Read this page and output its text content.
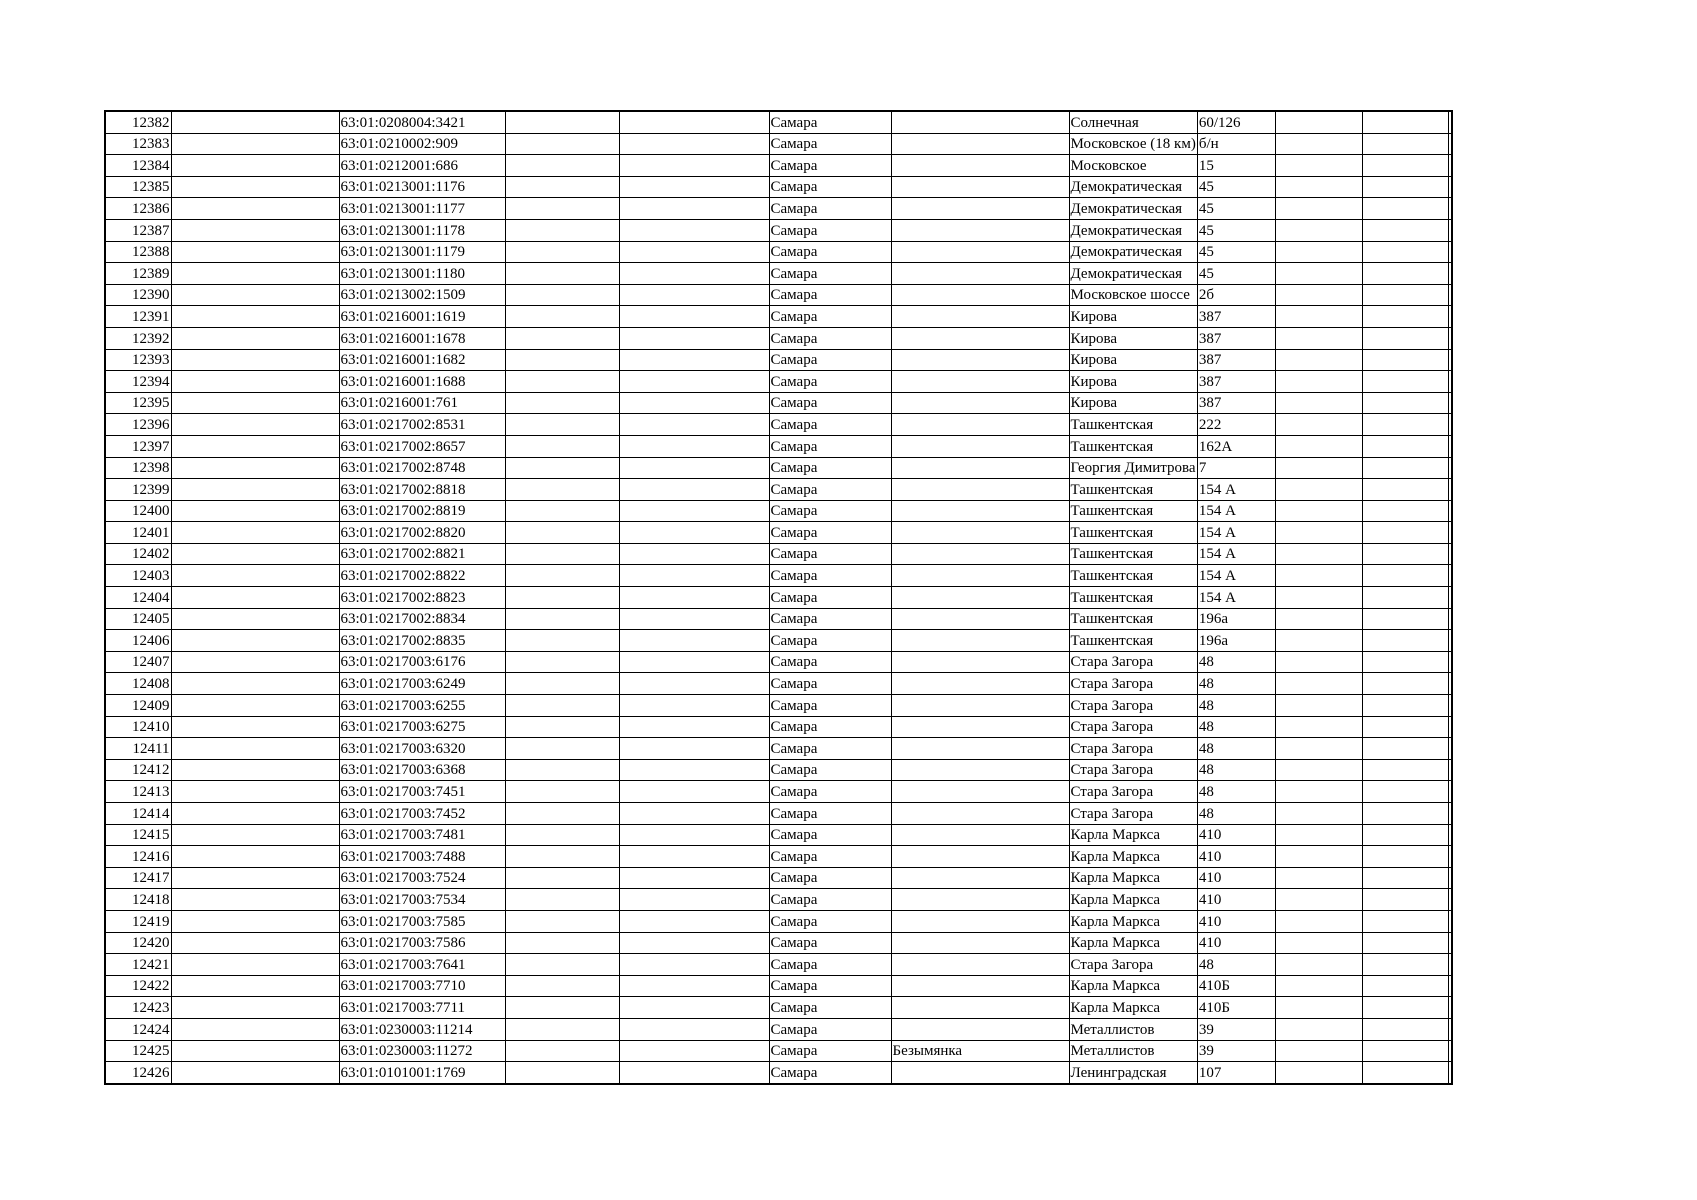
12382		63:01:0208004:3421			Самара		Солнечная	60/126			
12383		63:01:0210002:909			Самара		Московское (18 км)	б/н			
12384		63:01:0212001:686			Самара		Московское	15			
12385		63:01:0213001:1176			Самара		Демократическая	45			
12386		63:01:0213001:1177			Самара		Демократическая	45			
12387		63:01:0213001:1178			Самара		Демократическая	45			
12388		63:01:0213001:1179			Самара		Демократическая	45			
12389		63:01:0213001:1180			Самара		Демократическая	45			
12390		63:01:0213002:1509			Самара		Московское шоссе	2б			
12391		63:01:0216001:1619			Самара		Кирова	387			
12392		63:01:0216001:1678			Самара		Кирова	387			
12393		63:01:0216001:1682			Самара		Кирова	387			
12394		63:01:0216001:1688			Самара		Кирова	387			
12395		63:01:0216001:761			Самара		Кирова	387			
12396		63:01:0217002:8531			Самара		Ташкентская	222			
12397		63:01:0217002:8657			Самара		Ташкентская	162А			
12398		63:01:0217002:8748			Самара		Георгия Димитрова	7			
12399		63:01:0217002:8818			Самара		Ташкентская	154 А			
12400		63:01:0217002:8819			Самара		Ташкентская	154 А			
12401		63:01:0217002:8820			Самара		Ташкентская	154 А			
12402		63:01:0217002:8821			Самара		Ташкентская	154 А			
12403		63:01:0217002:8822			Самара		Ташкентская	154 А			
12404		63:01:0217002:8823			Самара		Ташкентская	154 А			
12405		63:01:0217002:8834			Самара		Ташкентская	196а			
12406		63:01:0217002:8835			Самара		Ташкентская	196а			
12407		63:01:0217003:6176			Самара		Стара Загора	48			
12408		63:01:0217003:6249			Самара		Стара Загора	48			
12409		63:01:0217003:6255			Самара		Стара Загора	48			
12410		63:01:0217003:6275			Самара		Стара Загора	48			
12411		63:01:0217003:6320			Самара		Стара Загора	48			
12412		63:01:0217003:6368			Самара		Стара Загора	48			
12413		63:01:0217003:7451			Самара		Стара Загора	48			
12414		63:01:0217003:7452			Самара		Стара Загора	48			
12415		63:01:0217003:7481			Самара		Карла Маркса	410			
12416		63:01:0217003:7488			Самара		Карла Маркса	410			
12417		63:01:0217003:7524			Самара		Карла Маркса	410			
12418		63:01:0217003:7534			Самара		Карла Маркса	410			
12419		63:01:0217003:7585			Самара		Карла Маркса	410			
12420		63:01:0217003:7586			Самара		Карла Маркса	410			
12421		63:01:0217003:7641			Самара		Стара Загора	48			
12422		63:01:0217003:7710			Самара		Карла Маркса	410Б			
12423		63:01:0217003:7711			Самара		Карла Маркса	410Б			
12424		63:01:0230003:11214			Самара		Металлистов	39			
12425		63:01:0230003:11272			Самара	Безымянка	Металлистов	39			
12426		63:01:0101001:1769			Самара		Ленинградская	107			
